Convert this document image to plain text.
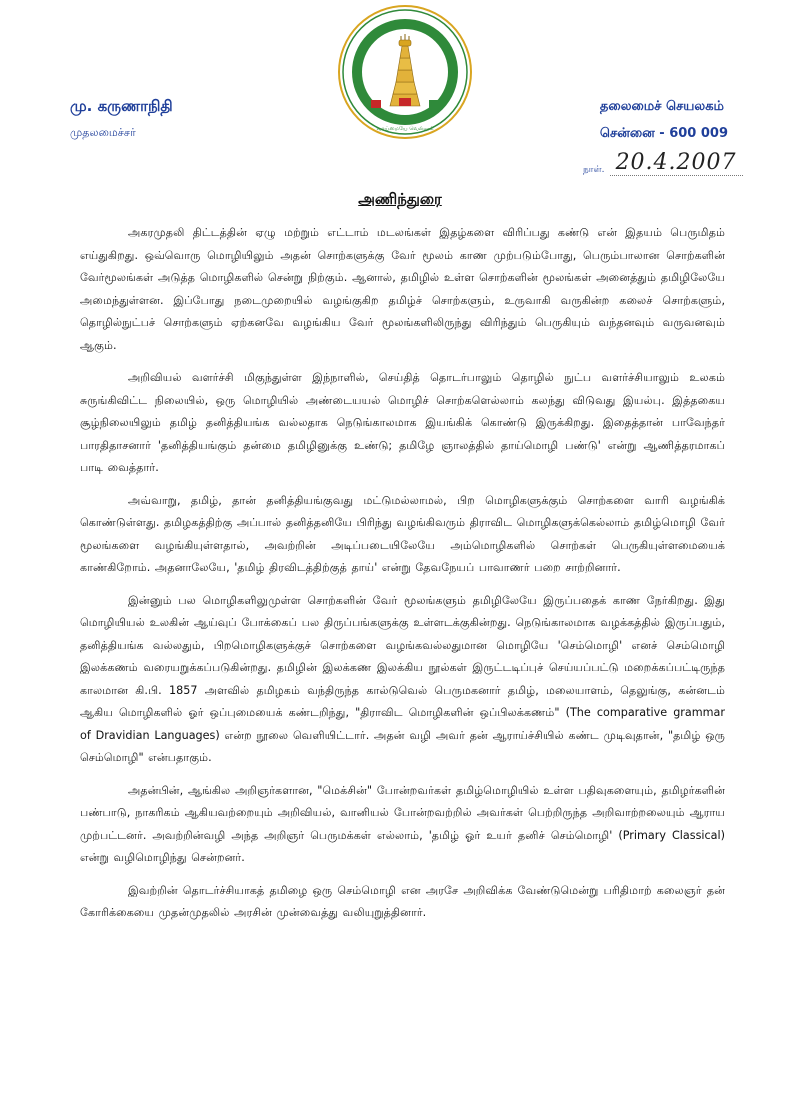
மு. கருணாநிதி
முதலமைச்சர்	வாய்மையே வெல்லும்
தலைமைச் செயலகம்
சென்னை - 600 009
நாள். 20.4.2007
அணிந்துரை

அகரமுதலி திட்டத்தின் ஏழு மற்றும் எட்டாம் மடலங்கள் இதழ்களை விரிப்பது கண்டு என் இதயம் பெருமிதம் எய்துகிறது. ஒவ்வொரு மொழியிலும் அதன் சொற்களுக்கு வேர் மூலம் காண முற்படும்போது, பெரும்பாலான சொற்களின் வேர்மூலங்கள் அடுத்த மொழிகளில் சென்று நிற்கும். ஆனால், தமிழில் உள்ள சொற்களின் மூலங்கள் அனைத்தும் தமிழிலேயே அமைந்துள்ளன. இப்போது நடைமுறையில் வழங்குகிற தமிழ்ச் சொற்களும், உருவாகி வருகின்ற கலைச் சொற்களும், தொழில்நுட்பச் சொற்களும் ஏற்கனவே வழங்கிய வேர் மூலங்களிலிருந்து விரிந்தும் பெருகியும் வந்தனவும் வருவனவும் ஆகும்.

அறிவியல் வளர்ச்சி மிகுந்துள்ள இந்நாளில், செய்தித் தொடர்பாலும் தொழில் நுட்ப வளர்ச்சியாலும் உலகம் சுருங்கிவிட்ட நிலையில், ஒரு மொழியில் அண்டையயல் மொழிச் சொற்களெல்லாம் கலந்து விடுவது இயல்பு. இத்தகைய சூழ்நிலையிலும் தமிழ் தனித்தியங்க வல்லதாக நெடுங்காலமாக இயங்கிக் கொண்டு இருக்கிறது. இதைத்தான் பாவேந்தர் பாரதிதாசனார் 'தனித்தியங்கும் தன்மை தமிழினுக்கு உண்டு; தமிழே ஞாலத்தில் தாய்மொழி பண்டு' என்று ஆணித்தரமாகப் பாடி வைத்தார்.

அவ்வாறு, தமிழ், தான் தனித்தியங்குவது மட்டுமல்லாமல், பிற மொழிகளுக்கும் சொற்களை வாரி வழங்கிக் கொண்டுள்ளது. தமிழகத்திற்கு அப்பால் தனித்தனியே பிரிந்து வழங்கிவரும் திராவிட மொழிகளுக்கெல்லாம் தமிழ்மொழி வேர் மூலங்களை வழங்கியுள்ளதால், அவற்றின் அடிப்படையிலேயே அம்மொழிகளில் சொற்கள் பெருகியுள்ளமையைக் காண்கிறோம். அதனாலேயே, 'தமிழ் திரவிடத்திற்குத் தாய்' என்று தேவநேயப் பாவாணர் பறை சாற்றினார்.

இன்னும் பல மொழிகளிலுமுள்ள சொற்களின் வேர் மூலங்களும் தமிழிலேயே இருப்பதைக் காண நேர்கிறது. இது மொழியியல் உலகின் ஆய்வுப் போக்கைப் பல திருப்பங்களுக்கு உள்ளடக்குகின்றது. நெடுங்காலமாக வழக்கத்தில் இருப்பதும், தனித்தியங்க வல்லதும், பிறமொழிகளுக்குச் சொற்களை வழங்கவல்லதுமான மொழியே 'செம்மொழி' எனச் செம்மொழி இலக்கணம் வரையறுக்கப்படுகின்றது. தமிழின் இலக்கண இலக்கிய நூல்கள் இருட்டடிப்புச் செய்யப்பட்டு மறைக்கப்பட்டிருந்த காலமான கி.பி. 1857 அளவில் தமிழகம் வந்திருந்த கால்டுவெல் பெருமகனார் தமிழ், மலையாளம், தெலுங்கு, கன்னடம் ஆகிய மொழிகளில் ஓர் ஒப்புமையைக் கண்டறிந்து, "திராவிட மொழிகளின் ஒப்பிலக்கணம்" (The comparative grammar of Dravidian Languages) என்ற நூலை வெளியிட்டார். அதன் வழி அவர் தன் ஆராய்ச்சியில் கண்ட முடிவுதான், "தமிழ் ஒரு செம்மொழி" என்பதாகும்.

அதன்பின், ஆங்கில அறிஞர்களான, "மெக்சின்" போன்றவர்கள் தமிழ்மொழியில் உள்ள பதிவுகளையும், தமிழர்களின் பண்பாடு, நாகரிகம் ஆகியவற்றையும் அறிவியல், வானியல் போன்றவற்றில் அவர்கள் பெற்றிருந்த அறிவாற்றலையும் ஆராய முற்பட்டனர். அவற்றின்வழி அந்த அறிஞர் பெருமக்கள் எல்லாம், 'தமிழ் ஓர் உயர் தனிச் செம்மொழி' (Primary Classical) என்று வழிமொழிந்து சென்றனர்.

இவற்றின் தொடர்ச்சியாகத் தமிழை ஒரு செம்மொழி என அரசே அறிவிக்க வேண்டுமென்று பரிதிமாற் கலைஞர் தன் கோரிக்கையை முதன்முதலில் அரசின் முன்வைத்து வலியுறுத்தினார்.
